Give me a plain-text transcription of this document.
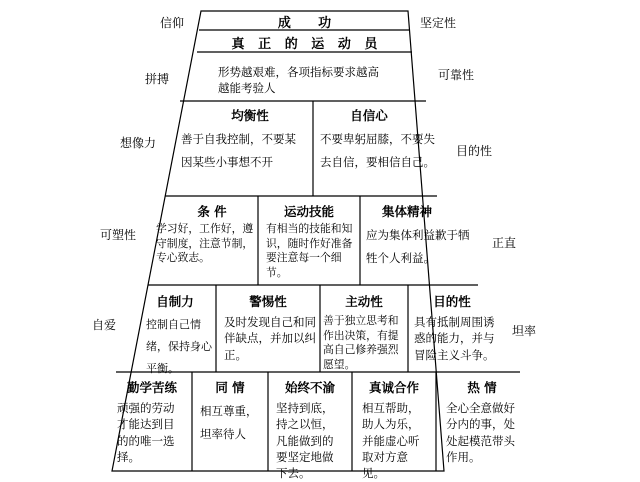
信仰
拼搏
想像力
可塑性
自爱
坚定性
可靠性
目的性
正直
坦率
成      功
真   正   的   运   动   员
形势越艰难，各项指标要求越高越能考验人
均衡性
善于自我控制，不要某因某些小事想不开
自信心
不要卑躬屈膝，不要失去自信，要相信自己。
条 件
学习好，工作好，遵守制度，注意节制，专心致志。
运动技能
有相当的技能和知识，随时作好准备要注意每一个细节。
集体精神
应为集体利益歉于牺牲个人利益。
自制力
控制自己情绪，保持身心平衡。
警惕性
及时发现自己和同伴缺点，并加以纠正。
主动性
善于独立思考和作出决策，有提高自己修养强烈愿望。
目的性
具有抵制周围诱惑的能力，并与冒险主义斗争。
勤学苦练
顽强的劳动才能达到目的的唯一选择。
同 情
相互尊重，坦率待人
始终不渝
坚持到底，持之以恒，凡能做到的要坚定地做下去。
真诚合作
相互帮助，助人为乐，并能虚心听取对方意见。
热 情
全心全意做好分内的事，处处起模范带头作用。
